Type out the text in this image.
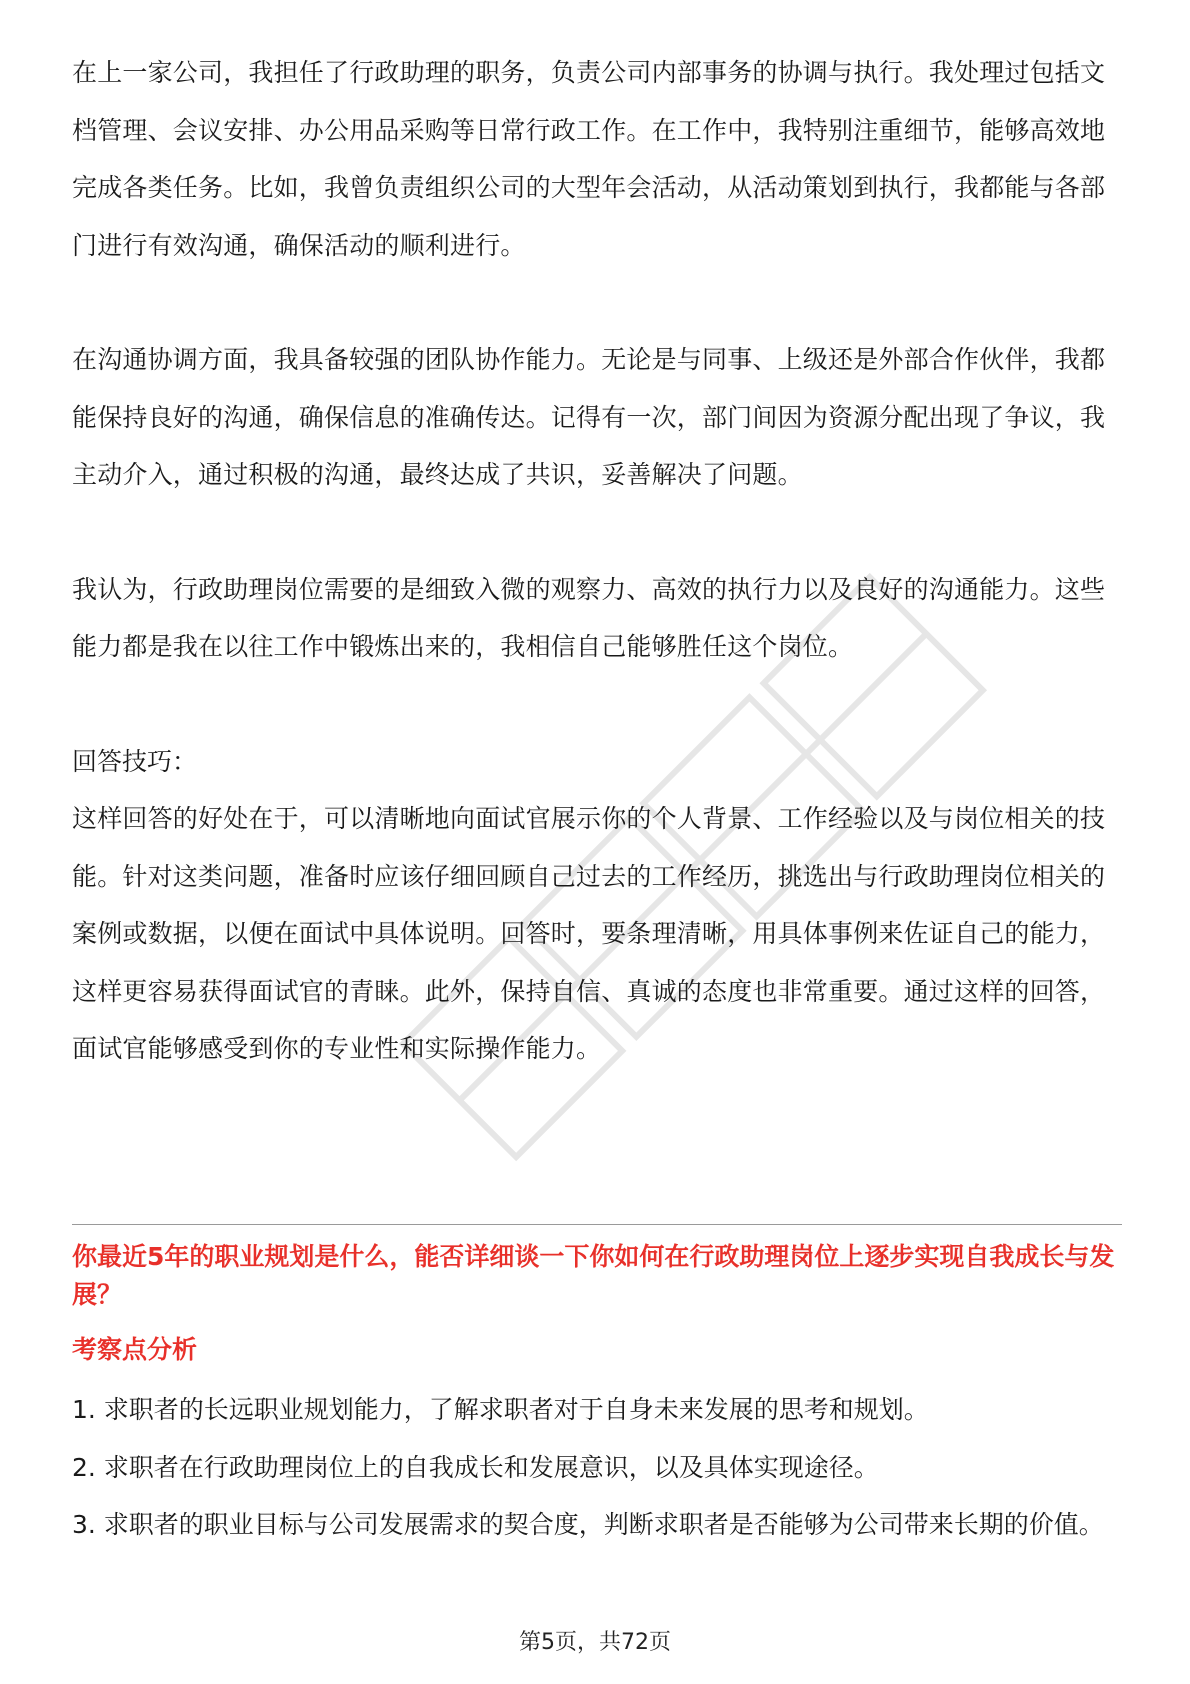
在上一家公司，我担任了行政助理的职务，负责公司内部事务的协调与执行。我处理过包括文档管理、会议安排、办公用品采购等日常行政工作。在工作中，我特别注重细节，能够高效地完成各类任务。比如，我曾负责组织公司的大型年会活动，从活动策划到执行，我都能与各部门进行有效沟通，确保活动的顺利进行。

在沟通协调方面，我具备较强的团队协作能力。无论是与同事、上级还是外部合作伙伴，我都能保持良好的沟通，确保信息的准确传达。记得有一次，部门间因为资源分配出现了争议，我主动介入，通过积极的沟通，最终达成了共识，妥善解决了问题。

我认为，行政助理岗位需要的是细致入微的观察力、高效的执行力以及良好的沟通能力。这些能力都是我在以往工作中锻炼出来的，我相信自己能够胜任这个岗位。

回答技巧：

这样回答的好处在于，可以清晰地向面试官展示你的个人背景、工作经验以及与岗位相关的技能。针对这类问题，准备时应该仔细回顾自己过去的工作经历，挑选出与行政助理岗位相关的案例或数据，以便在面试中具体说明。回答时，要条理清晰，用具体事例来佐证自己的能力，这样更容易获得面试官的青睐。此外，保持自信、真诚的态度也非常重要。通过这样的回答，面试官能够感受到你的专业性和实际操作能力。

你最近5年的职业规划是什么，能否详细谈一下你如何在行政助理岗位上逐步实现自我成长与发展？

考察点分析

1. 求职者的长远职业规划能力，了解求职者对于自身未来发展的思考和规划。
2. 求职者在行政助理岗位上的自我成长和发展意识，以及具体实现途径。
3. 求职者的职业目标与公司发展需求的契合度，判断求职者是否能够为公司带来长期的价值。
第5页，共72页
